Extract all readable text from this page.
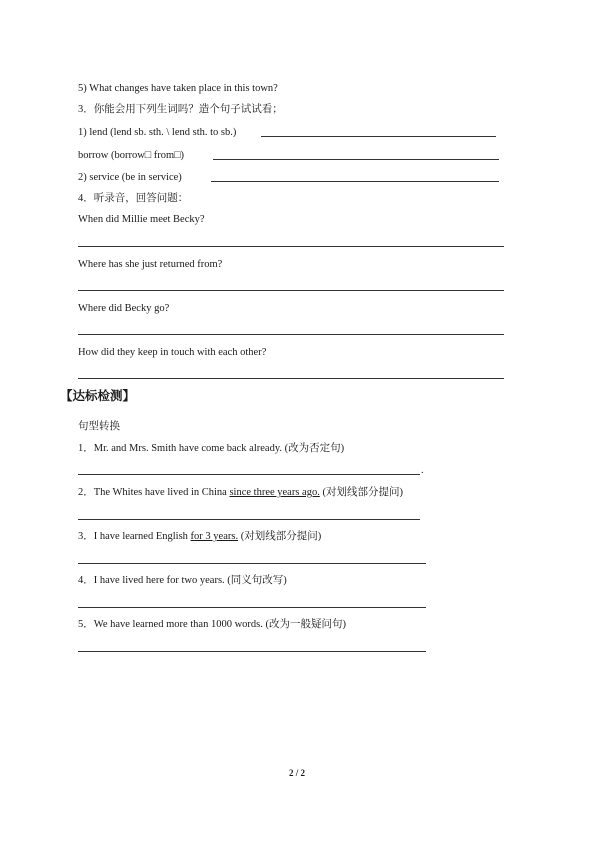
5) What changes have taken place in this town?
3．你能会用下列生词吗？造个句子试试看；
1) lend (lend sb. sth. \ lend sth. to sb.)
borrow (borrow□ from□)
2) service (be in service)
4．听录音，回答问题：
When did Millie meet Becky?
Where has she just returned from?
Where did Becky go?
How did they keep in touch with each other?
【达标检测】
句型转换
1．Mr. and Mrs. Smith have come back already. (改为否定句)
.
2．The Whites have lived in China since three years ago. (对划线部分提问)
3．I have learned English for 3 years. (对划线部分提问)
4．I have lived here for two years. (同义句改写)
5．We have learned more than 1000 words. (改为一般疑问句)
2 / 2
